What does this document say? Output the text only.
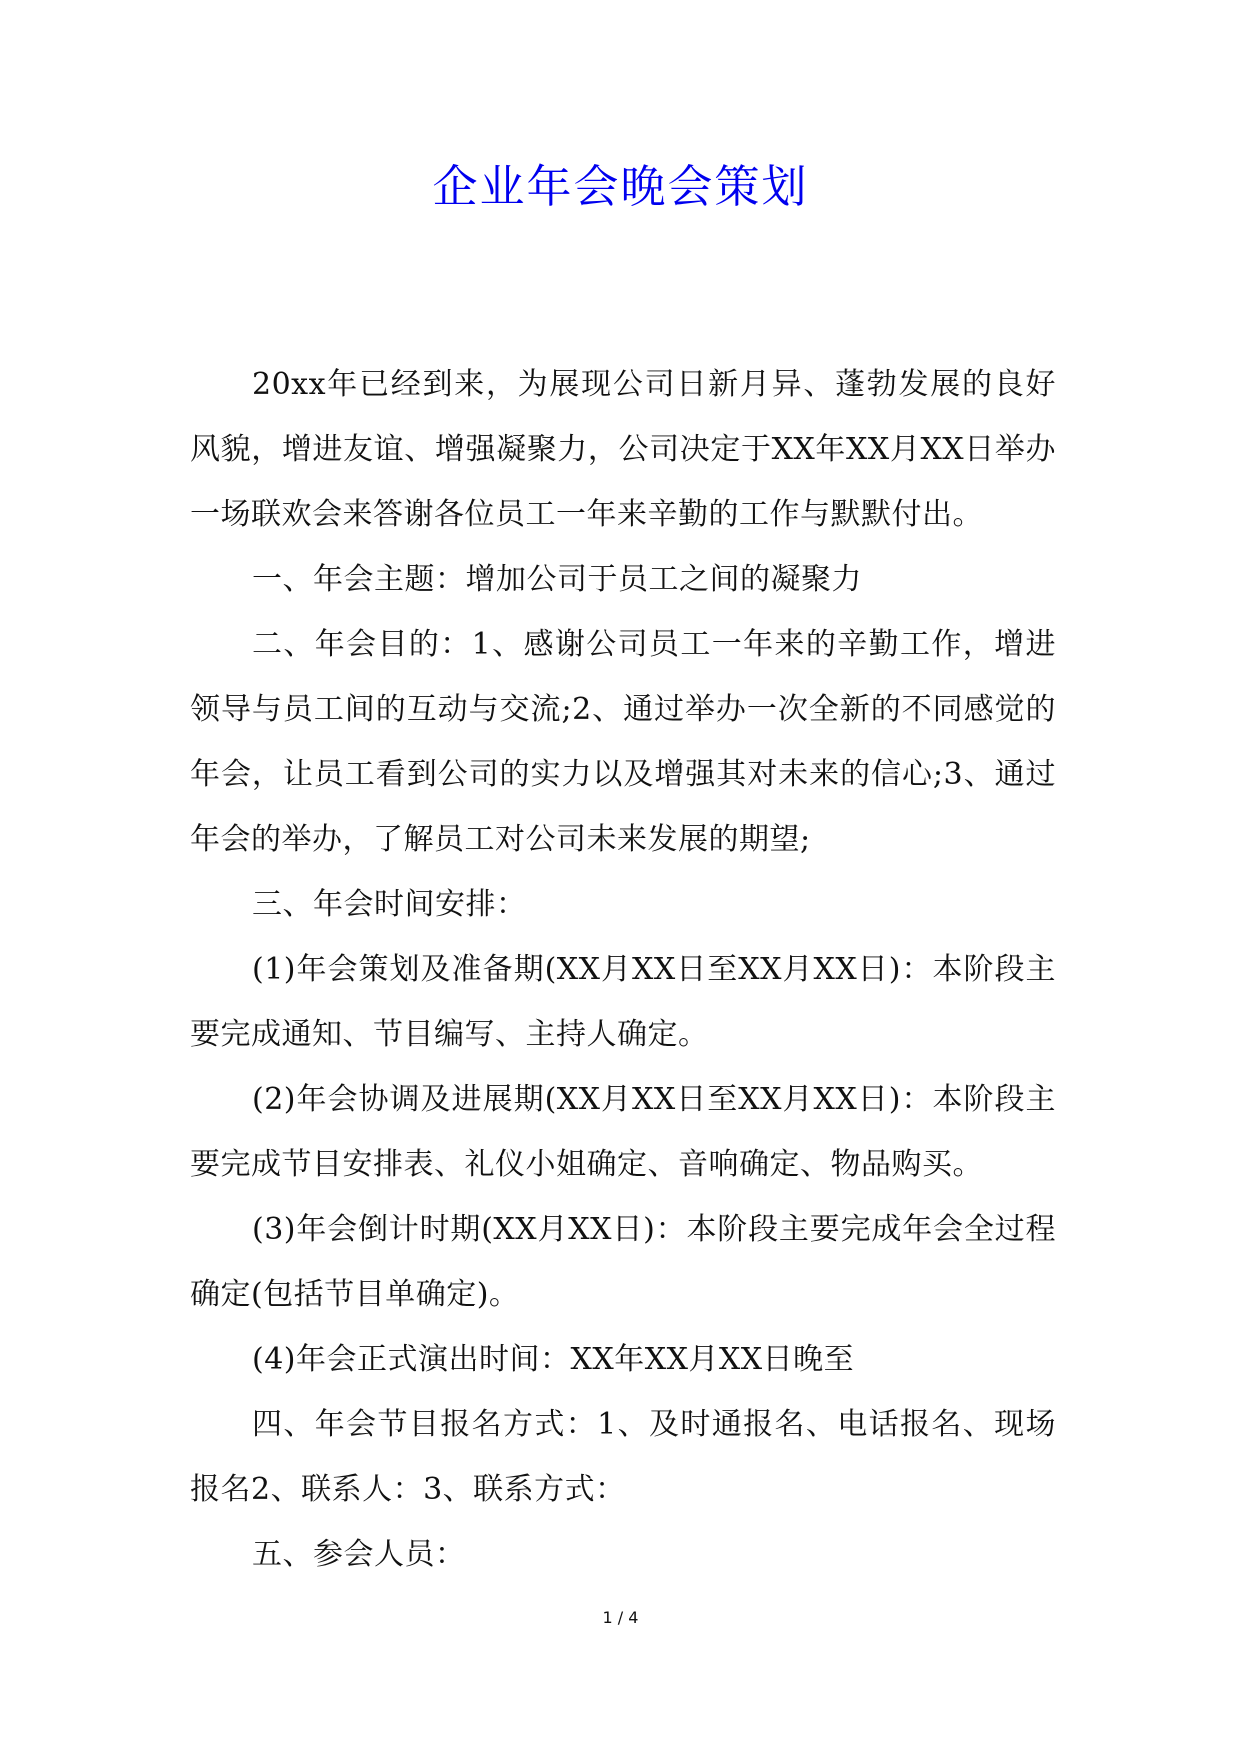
企业年会晚会策划

20xx年已经到来，为展现公司日新月异、蓬勃发展的良好风貌，增进友谊、增强凝聚力，公司决定于XX年XX月XX日举办一场联欢会来答谢各位员工一年来辛勤的工作与默默付出。

一、年会主题：增加公司于员工之间的凝聚力

二、年会目的：1、感谢公司员工一年来的辛勤工作，增进领导与员工间的互动与交流;2、通过举办一次全新的不同感觉的年会，让员工看到公司的实力以及增强其对未来的信心;3、通过年会的举办，了解员工对公司未来发展的期望;

三、年会时间安排：

(1)年会策划及准备期(XX月XX日至XX月XX日)：本阶段主要完成通知、节目编写、主持人确定。

(2)年会协调及进展期(XX月XX日至XX月XX日)：本阶段主要完成节目安排表、礼仪小姐确定、音响确定、物品购买。

(3)年会倒计时期(XX月XX日)：本阶段主要完成年会全过程确定(包括节目单确定)。

(4)年会正式演出时间：XX年XX月XX日晚至

四、年会节目报名方式：1、及时通报名、电话报名、现场报名2、联系人：3、联系方式：

五、参会人员：

1 / 4
